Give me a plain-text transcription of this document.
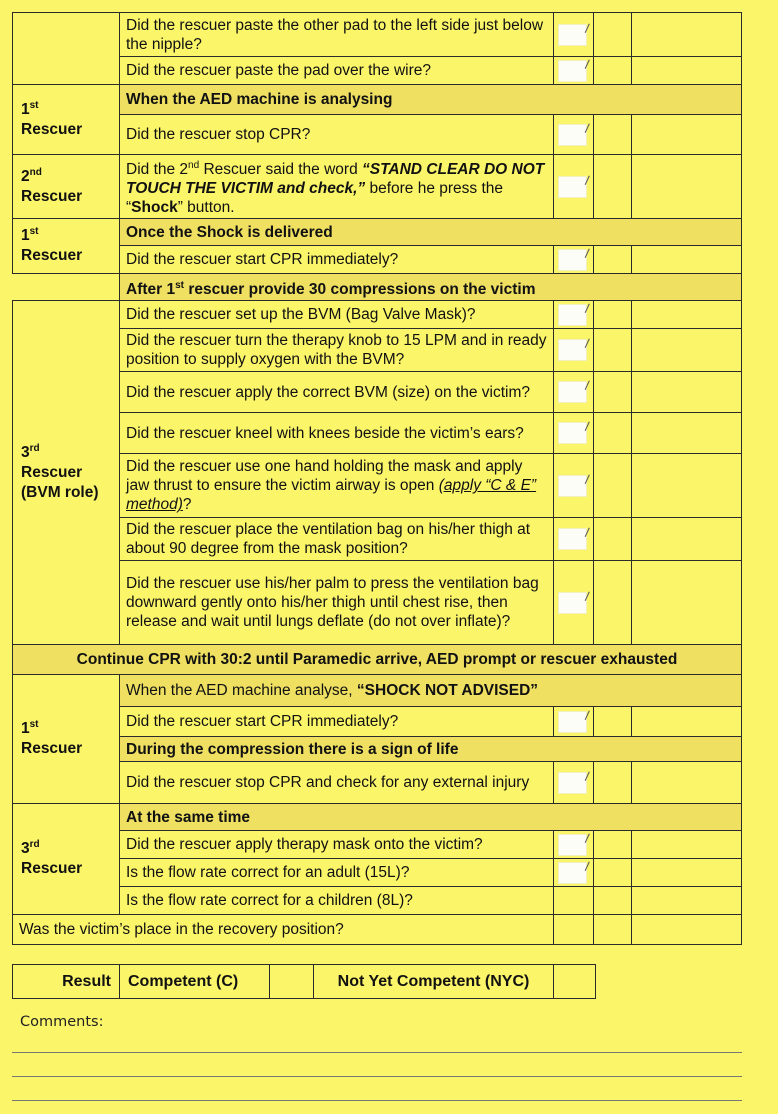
	Did the rescuer paste the other pad to the left side just below the nipple?	

	Did the rescuer paste the pad over the wire?	

1st
Rescuer	When the AED machine is analysing			
	Did the rescuer stop CPR?	

2nd
Rescuer	Did the 2nd Rescuer said the word “STAND CLEAR DO NOT TOUCH THE VICTIM and check,” before he press the “Shock” button.	

1st
Rescuer	Once the Shock is delivered			
	Did the rescuer start CPR immediately?	

	After 1st rescuer provide 30 compressions on the victim			
3rd
Rescuer
(BVM role)	Did the rescuer set up the BVM (Bag Valve Mask)?	

	Did the rescuer turn the therapy knob to 15 LPM and in ready position to supply oxygen with the BVM?	

	Did the rescuer apply the correct BVM (size) on the victim?	

	Did the rescuer kneel with knees beside the victim’s ears?	

	Did the rescuer use one hand holding the mask and apply jaw thrust to ensure the victim airway is open (apply “C & E” method)?	

	Did the rescuer place the ventilation bag on his/her thigh at about 90 degree from the mask position?	

	Did the rescuer use his/her palm to press the ventilation bag downward gently onto his/her thigh until chest rise, then release and wait until lungs deflate (do not over inflate)?	

Continue CPR with 30:2 until Paramedic arrive, AED prompt or rescuer exhausted				
1st
Rescuer	When the AED machine analyse, “SHOCK NOT ADVISED”			
	Did the rescuer start CPR immediately?	

	During the compression there is a sign of life			
	Did the rescuer stop CPR and check for any external injury	

3rd
Rescuer	At the same time			
	Did the rescuer apply therapy mask onto the victim?	

	Is the flow rate correct for an adult (15L)?	

	Is the flow rate correct for a children (8L)?			
Was the victim’s place in the recovery position?				
Result	Competent (C)		Not Yet Competent (NYC)	
Comments:
